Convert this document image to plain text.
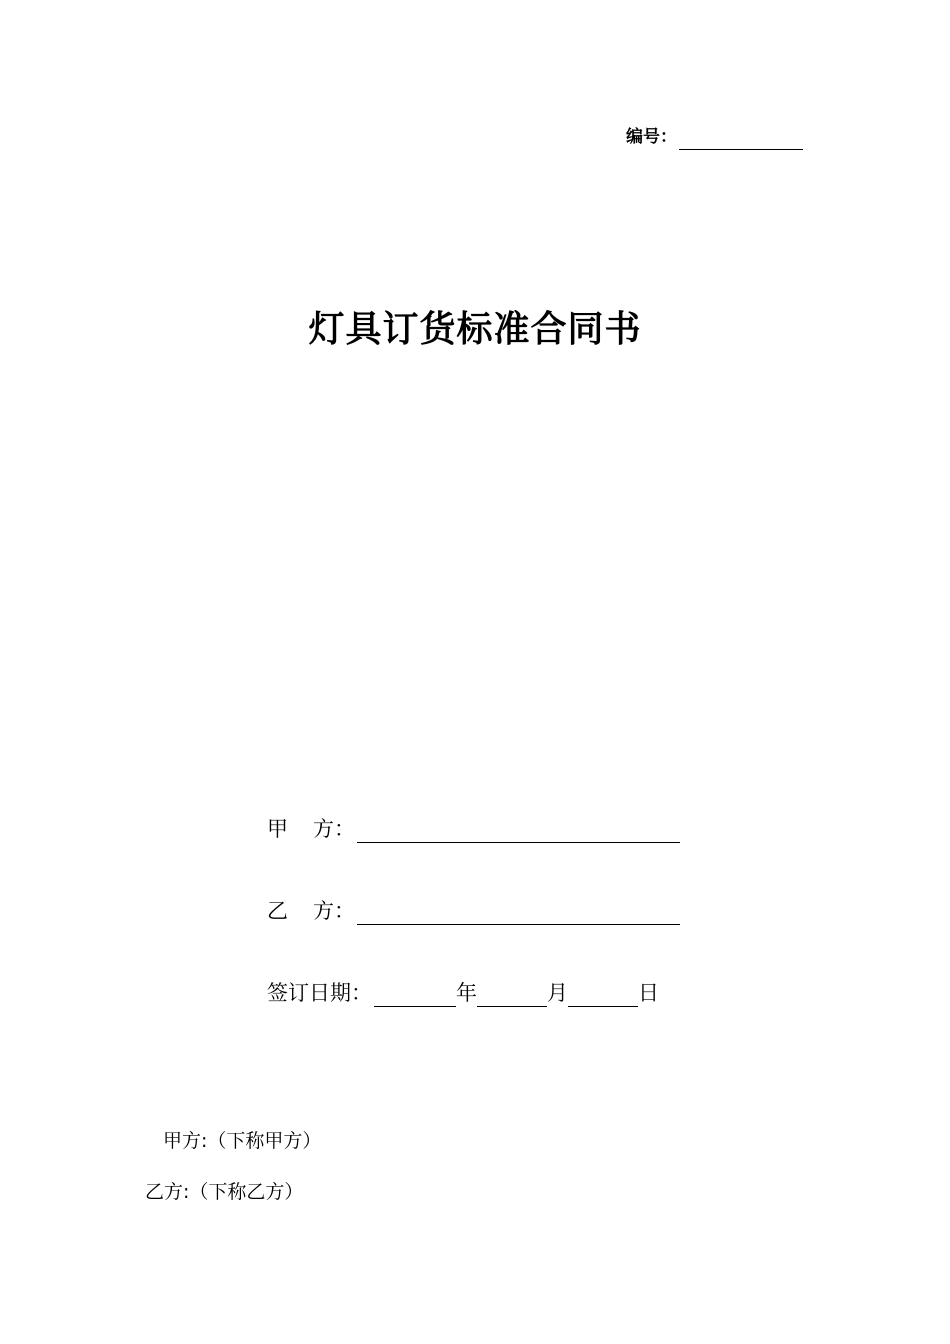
编号：
灯具订货标准合同书
甲 方：
乙 方：
签订日期：	年	月	日
甲方:（下称甲方）
乙方:（下称乙方）
